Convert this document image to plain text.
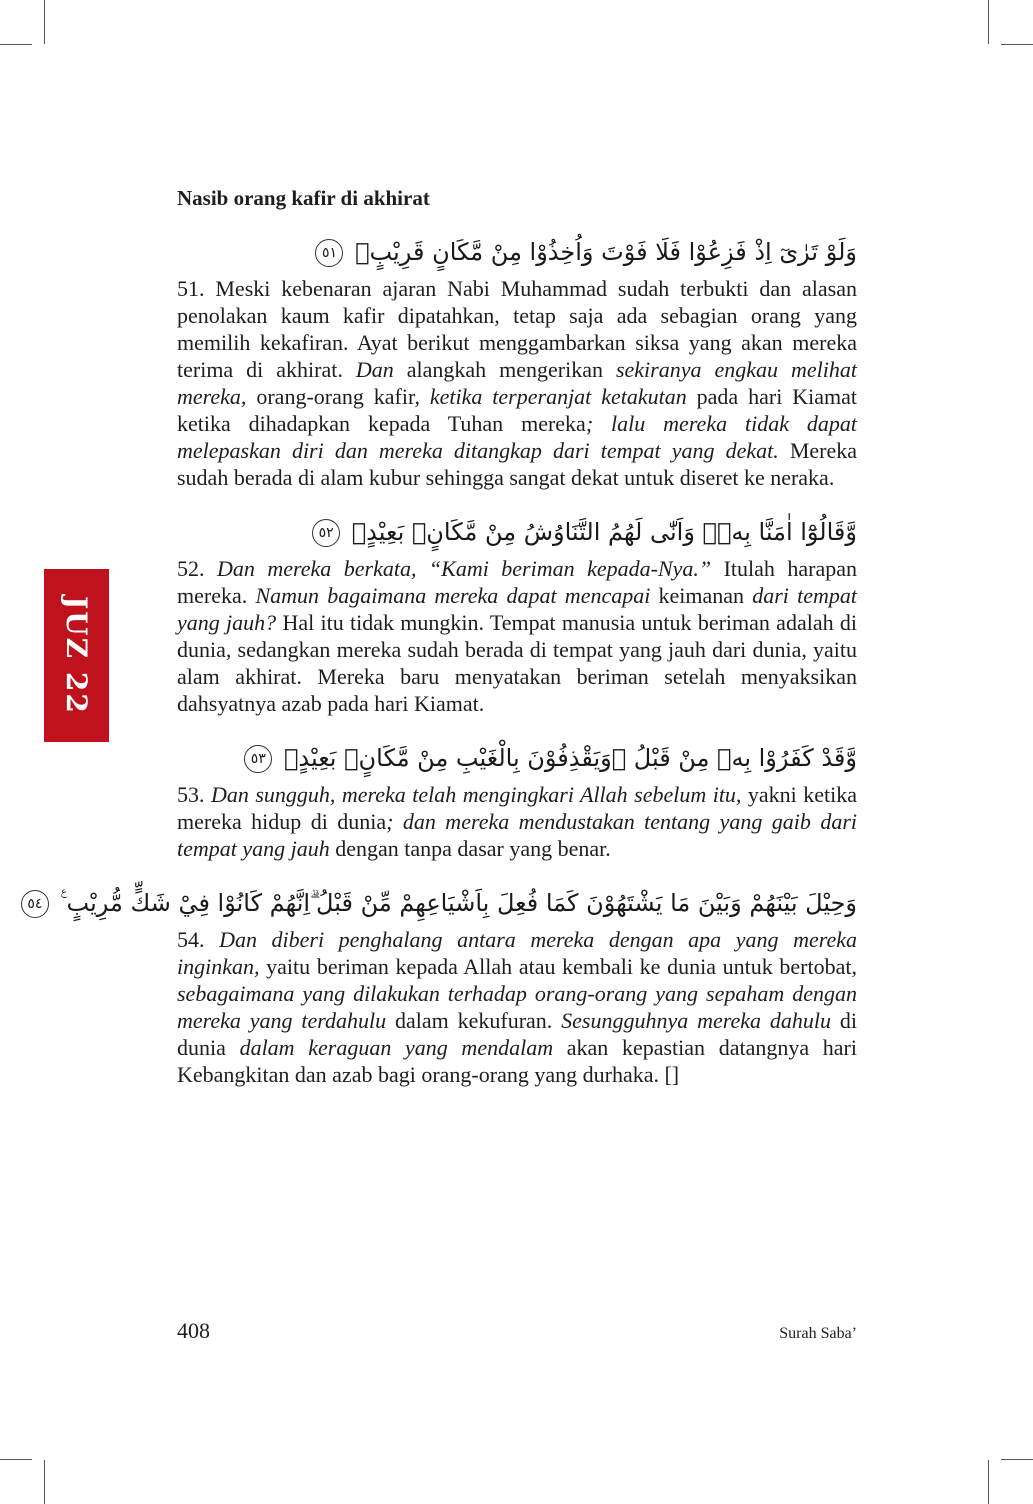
JUZ 22
Nasib orang kafir di akhirat
وَلَوْ تَرٰىٓ اِذْ فَزِعُوْا فَلَا فَوْتَ وَاُخِذُوْا مِنْ مَّكَانٍ قَرِيْبٍۙ ٥١

51. Meski kebenaran ajaran Nabi Muhammad sudah terbukti dan alasan penolakan kaum kafir dipatahkan, tetap saja ada sebagian orang yang memilih kekafiran. Ayat berikut menggambarkan siksa yang akan mereka terima di akhirat. Dan alangkah mengerikan sekiranya engkau melihat mereka, orang-orang kafir, ketika terperanjat ketakutan pada hari Kiamat ketika dihadapkan kepada Tuhan mereka; lalu mereka tidak dapat melepaskan diri dan mereka ditangkap dari tempat yang dekat. Mereka sudah berada di alam kubur sehingga sangat dekat untuk diseret ke neraka.

وَّقَالُوْٓا اٰمَنَّا بِهٖۚ وَاَنّٰى لَهُمُ التَّنَاوُشُ مِنْ مَّكَانٍۢ بَعِيْدٍۚ ٥٢

52. Dan mereka berkata, “Kami beriman kepada-Nya.” Itulah harapan mereka. Namun bagaimana mereka dapat mencapai keimanan dari tempat yang jauh? Hal itu tidak mungkin. Tempat manusia untuk beriman adalah di dunia, sedangkan mereka sudah berada di tempat yang jauh dari dunia, yaitu alam akhirat. Mereka baru menyatakan beriman setelah menyaksikan dahsyatnya azab pada hari Kiamat.

وَّقَدْ كَفَرُوْا بِهٖ مِنْ قَبْلُ ۚوَيَقْذِفُوْنَ بِالْغَيْبِ مِنْ مَّكَانٍۢ بَعِيْدٍۚ ٥٣

53. Dan sungguh, mereka telah mengingkari Allah sebelum itu, yakni ketika mereka hidup di dunia; dan mereka mendustakan tentang yang gaib dari tempat yang jauh dengan tanpa dasar yang benar.

وَحِيْلَ بَيْنَهُمْ وَبَيْنَ مَا يَشْتَهُوْنَ كَمَا فُعِلَ بِاَشْيَاعِهِمْ مِّنْ قَبْلُ ۗاِنَّهُمْ كَانُوْا فِيْ شَكٍّ مُّرِيْبٍ ࣖ ٥٤

54. Dan diberi penghalang antara mereka dengan apa yang mereka inginkan, yaitu beriman kepada Allah atau kembali ke dunia untuk bertobat, sebagaimana yang dilakukan terhadap orang-orang yang sepaham dengan mereka yang terdahulu dalam kekufuran. Sesungguhnya mereka dahulu di dunia dalam keraguan yang mendalam akan kepastian datangnya hari Kebangkitan dan azab bagi orang-orang yang durhaka. []

408	Surah Saba’
